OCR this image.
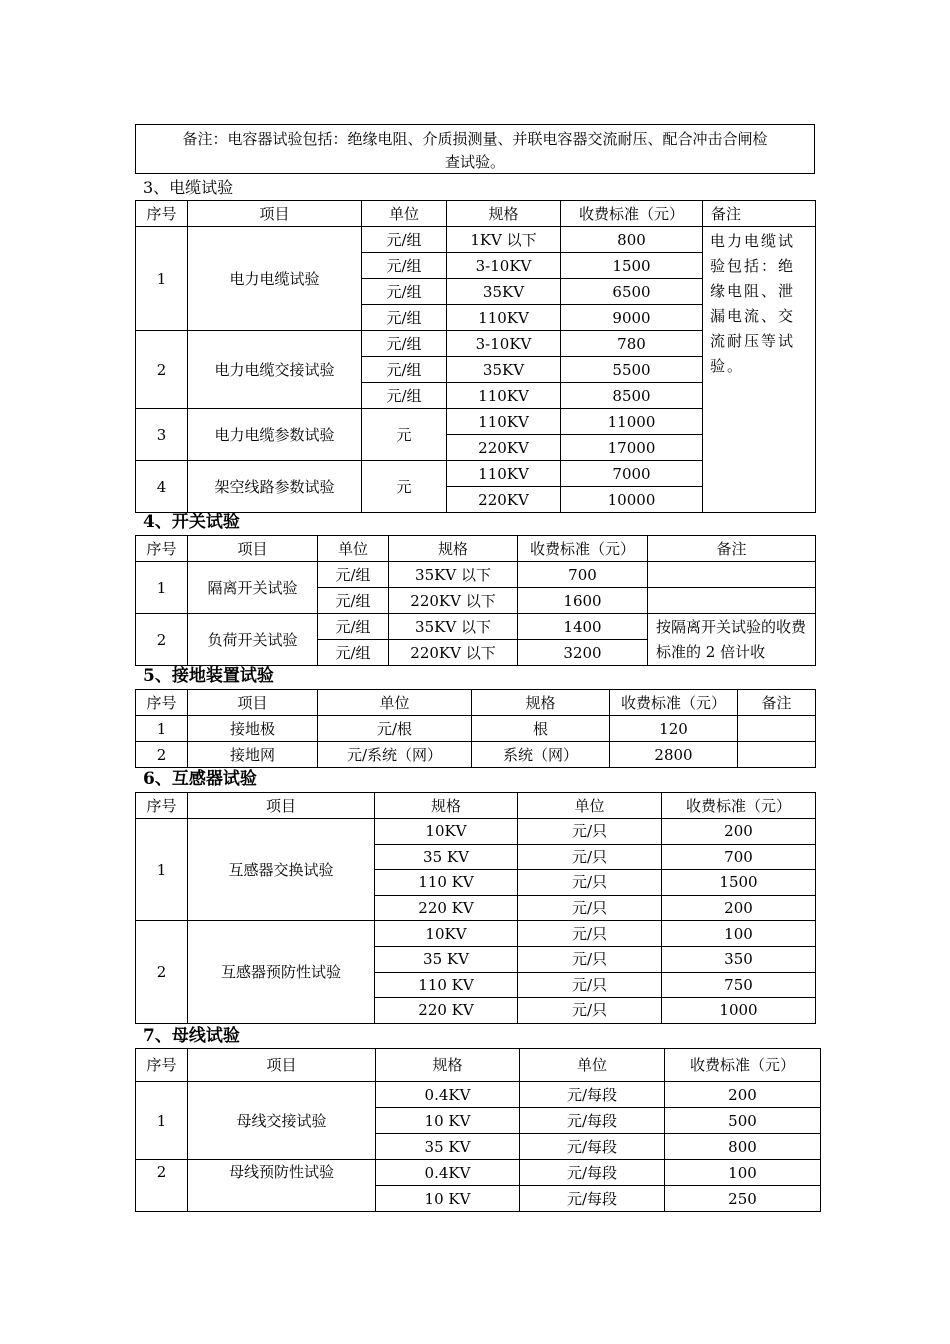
备注：电容器试验包括：绝缘电阻、介质损测量、并联电容器交流耐压、配合冲击合闸检
查试验。
3、电缆试验
序号	项目	单位	规格	收费标准（元）	备注
1	电力电缆试验	元/组	1KV 以下	800	电力电缆试验包括：绝缘电阻、泄漏电流、交流耐压等试验。
		元/组	3-10KV	1500	
		元/组	35KV	6500	
		元/组	110KV	9000	
2	电力电缆交接试验	元/组	3-10KV	780	
		元/组	35KV	5500	
		元/组	110KV	8500	
3	电力电缆参数试验	元	110KV	11000	
			220KV	17000	
4	架空线路参数试验	元	110KV	7000	
			220KV	10000	
4、开关试验
序号	项目	单位	规格	收费标准（元）	备注
1	隔离开关试验	元/组	35KV 以下	700	
		元/组	220KV 以下	1600	
2	负荷开关试验	元/组	35KV 以下	1400	按隔离开关试验的收费标准的 2 倍计收
		元/组	220KV 以下	3200	
5、接地装置试验
序号	项目	单位	规格	收费标准（元）	备注
1	接地极	元/根	根	120	
2	接地网	元/系统（网）	系统（网）	2800	
6、互感器试验
序号	项目	规格	单位	收费标准（元）
1	互感器交换试验	10KV	元/只	200
		35 KV	元/只	700
		110 KV	元/只	1500
		220 KV	元/只	200
2	互感器预防性试验	10KV	元/只	100
		35 KV	元/只	350
		110 KV	元/只	750
		220 KV	元/只	1000
7、母线试验
序号	项目	规格	单位	收费标准（元）
1	母线交接试验	0.4KV	元/每段	200
		10 KV	元/每段	500
		35 KV	元/每段	800
2	母线预防性试验	0.4KV	元/每段	100
		10 KV	元/每段	250
